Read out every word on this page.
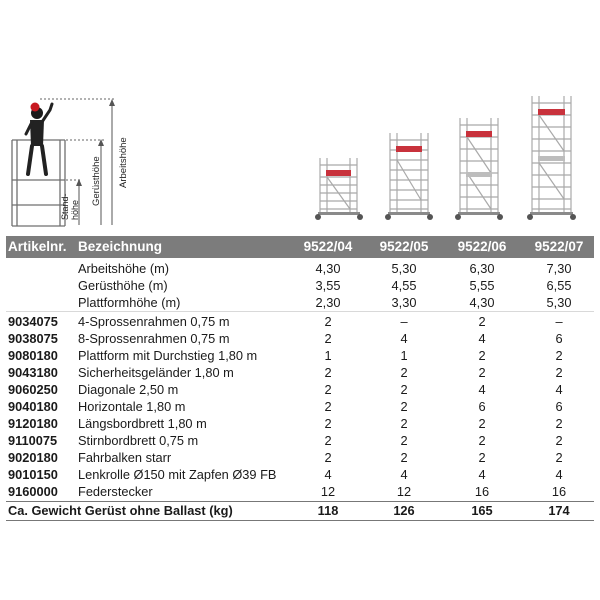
Arbeitshöhe
Gerüsthöhe
Stand- höhe
Artikelnr. Bezeichnung	9522/04 9522/05 9522/06 9522/07
Arbeitshöhe (m)	4,30	5,30	6,30	7,30
Gerüsthöhe (m)	3,55	4,55	5,55	6,55
Plattformhöhe (m)	2,30	3,30	4,30	5,30
9034075 4-Sprossenrahmen 0,75 m	2	–	2	–
9038075 8-Sprossenrahmen 0,75 m	2	4	4	6
9080180 Plattform mit Durchstieg 1,80 m	1	1	2	2
9043180 Sicherheitsgeländer 1,80 m	2	2	2	2
9060250 Diagonale 2,50 m	2	2	4	4
9040180 Horizontale 1,80 m	2	2	6	6
9120180 Längsbordbrett 1,80 m	2	2	2	2
9110075 Stirnbordbrett 0,75 m	2	2	2	2
9020180 Fahrbalken starr	2	2	2	2
9010150 Lenkrolle Ø150 mit Zapfen Ø39 FB	4	4	4	4
9160000 Federstecker	12	12	16	16
Ca. Gewicht Gerüst ohne Ballast (kg)	118	126	165	174
